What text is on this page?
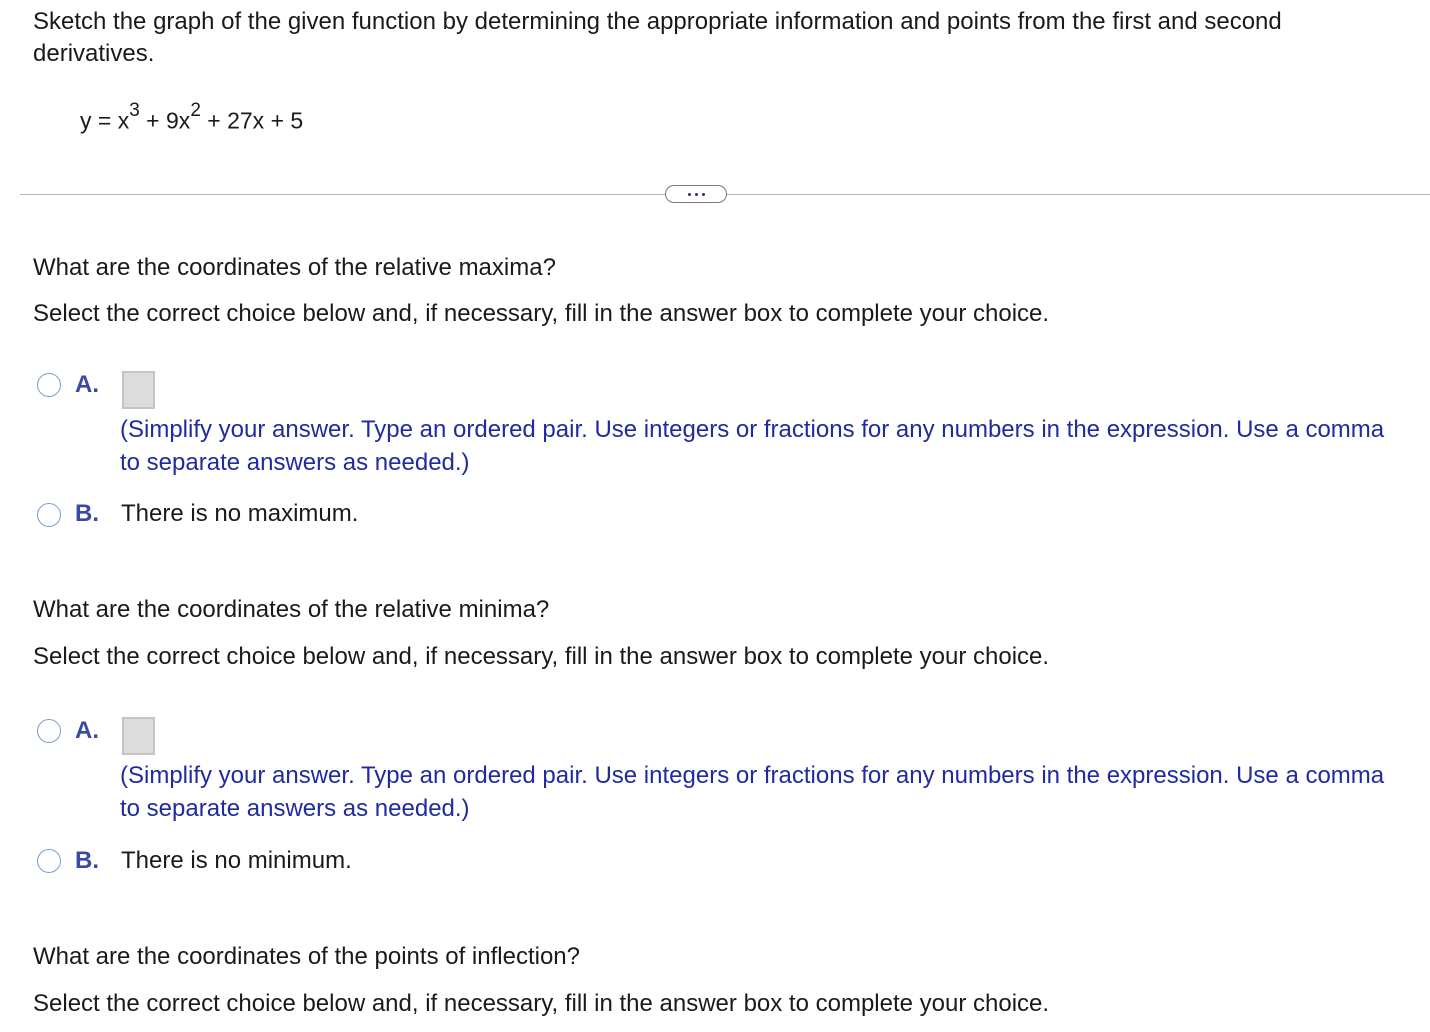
Sketch the graph of the given function by determining the appropriate information and points from the first and second derivatives.
$y = x^3 + 9x^2 + 27x + 5$
What are the coordinates of the relative maxima?
Select the correct choice below and, if necessary, fill in the answer box to complete your choice.
A.
(Simplify your answer. Type an ordered pair. Use integers or fractions for any numbers in the expression. Use a comma to separate answers as needed.)
B. There is no maximum.
What are the coordinates of the relative minima?
Select the correct choice below and, if necessary, fill in the answer box to complete your choice.
A.
(Simplify your answer. Type an ordered pair. Use integers or fractions for any numbers in the expression. Use a comma to separate answers as needed.)
B. There is no minimum.
What are the coordinates of the points of inflection?
Select the correct choice below and, if necessary, fill in the answer box to complete your choice.
